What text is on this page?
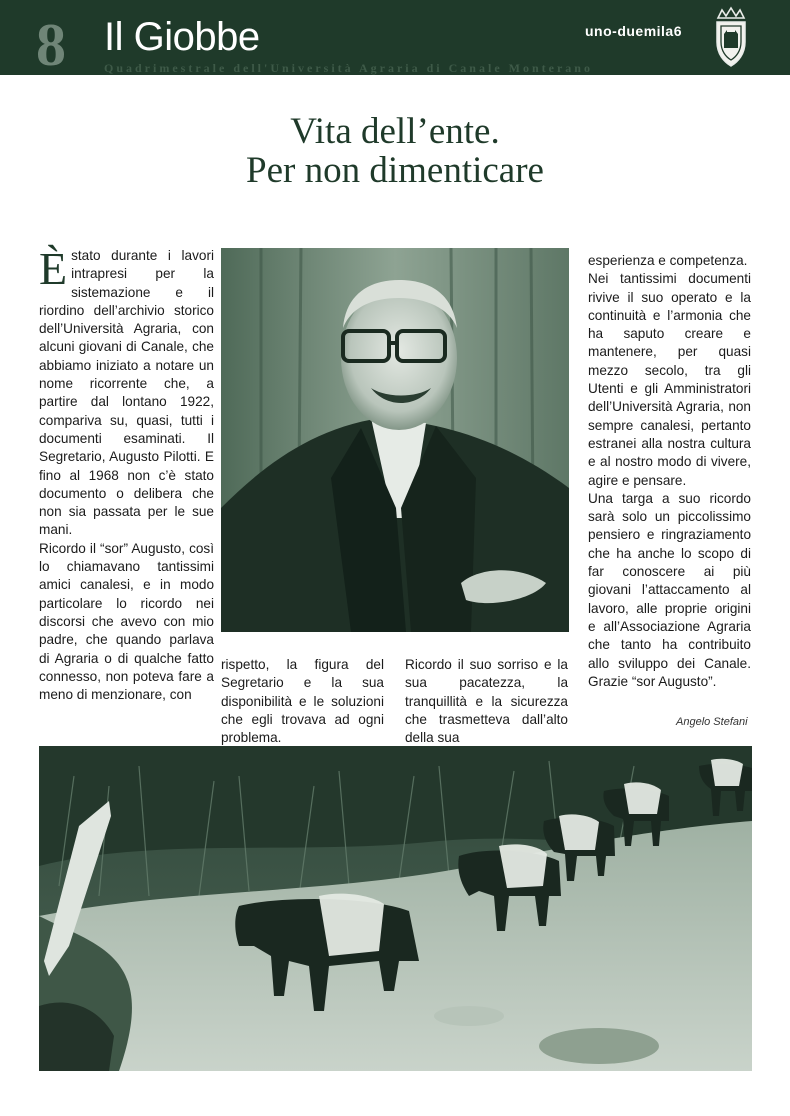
8 Il Giobbe
Quadrimestrale dell'Università Agraria di Canale Monterano
uno-duemila6
Vita dell’ente.
Per non dimenticare

Èstato durante i lavori intrapresi per la sistemazione e il riordino dell’archivio storico dell’Università Agraria, con alcuni giovani di Canale, che abbiamo iniziato a notare un nome ricorrente che, a partire dal lontano 1922, compariva su, quasi, tutti i documenti esaminati. Il Segretario, Augusto Pilotti. E fino al 1968 non c’è stato documento o delibera che non sia passata per le sue mani.

Ricordo il “sor” Augusto, così lo chiamavano tantissimi amici canalesi, e in modo particolare lo ricordo nei discorsi che avevo con mio padre, che quando parlava di Agraria o di qualche fatto connesso, non poteva fare a meno di menzionare, con

rispetto, la figura del Segretario e la sua disponibilità e le soluzioni che egli trovava ad ogni problema.

Ricordo il suo sorriso e la sua pacatezza, la tranquillità e la sicurezza che trasmetteva dall’alto della sua

esperienza e competenza.

Nei tantissimi documenti rivive il suo operato e la continuità e l’armonia che ha saputo creare e mantenere, per quasi mezzo secolo, tra gli Utenti e gli Amministratori dell’Università Agraria, non sempre canalesi, pertanto estranei alla nostra cultura e al nostro modo di vivere, agire e pensare.

Una targa a suo ricordo sarà solo un piccolissimo pensiero e ringraziamento che ha anche lo scopo di far conoscere ai più giovani l’attaccamento al lavoro, alle proprie origini e all’Associazione Agraria che tanto ha contribuito allo sviluppo dei Canale. Grazie “sor Augusto”.

Angelo Stefani
